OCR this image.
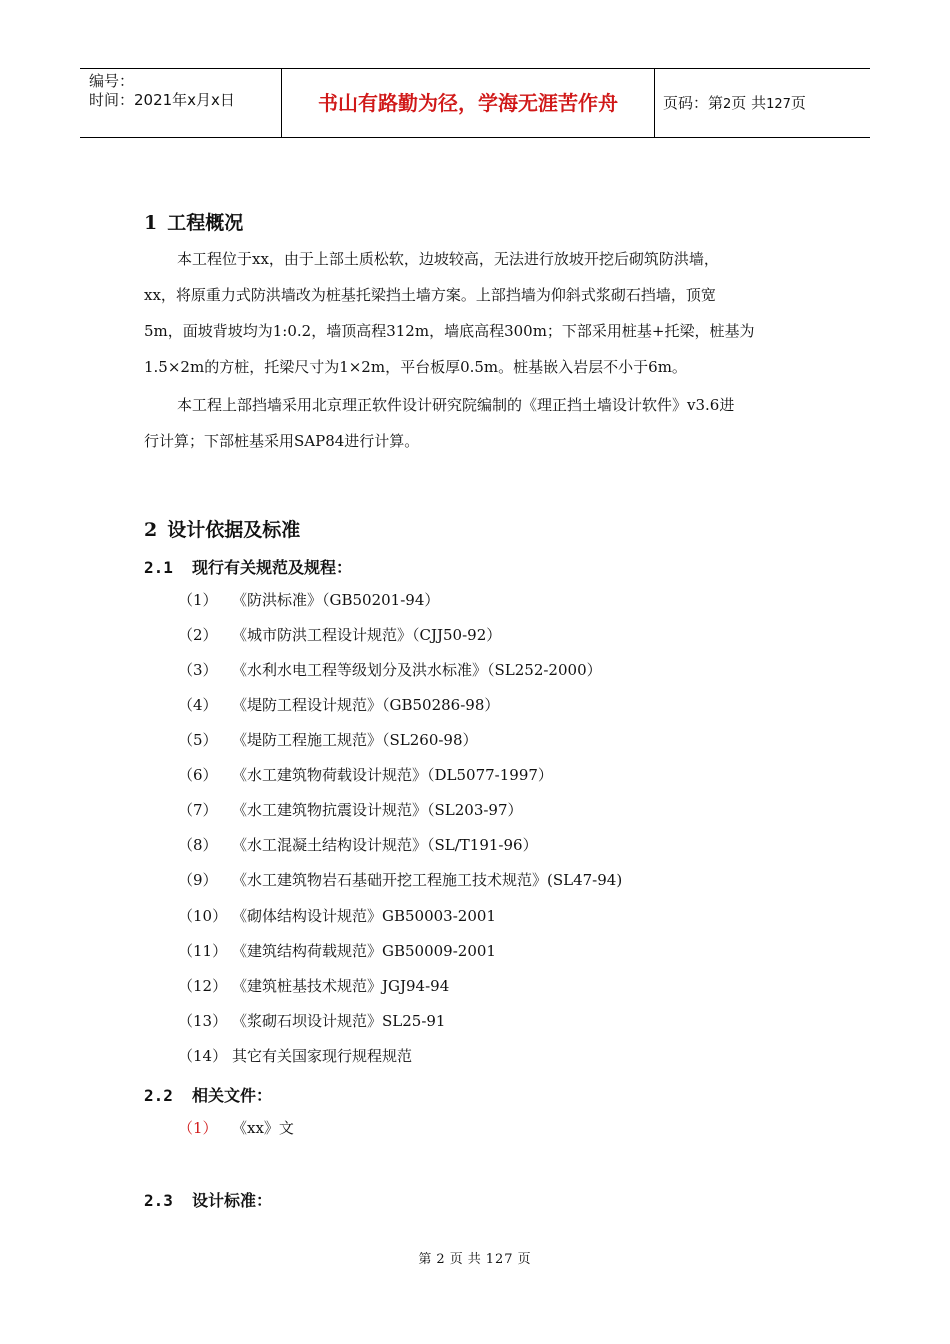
编号：
时间：2021年x月x日	书山有路勤为径，学海无涯苦作舟	页码：第2页 共127页
1 工程概况
本工程位于xx，由于上部土质松软，边坡较高，无法进行放坡开挖后砌筑防洪墙，
xx，将原重力式防洪墙改为桩基托梁挡土墙方案。上部挡墙为仰斜式浆砌石挡墙，顶宽
5m，面坡背坡均为1:0.2，墙顶高程312m，墙底高程300m；下部采用桩基+托梁，桩基为
1.5×2m的方桩，托梁尺寸为1×2m，平台板厚0.5m。桩基嵌入岩层不小于6m。
本工程上部挡墙采用北京理正软件设计研究院编制的《理正挡土墙设计软件》v3.6进
行计算；下部桩基采用SAP84进行计算。
2 设计依据及标准
2.1 现行有关规范及规程：
（1） 《防洪标准》（GB50201-94）
（2） 《城市防洪工程设计规范》（CJJ50-92）
（3） 《水利水电工程等级划分及洪水标准》（SL252-2000）
（4） 《堤防工程设计规范》（GB50286-98）
（5） 《堤防工程施工规范》（SL260-98）
（6） 《水工建筑物荷载设计规范》（DL5077-1997）
（7） 《水工建筑物抗震设计规范》（SL203-97）
（8） 《水工混凝土结构设计规范》（SL/T191-96）
（9） 《水工建筑物岩石基础开挖工程施工技术规范》(SL47-94)
（10） 《砌体结构设计规范》GB50003-2001
（11） 《建筑结构荷载规范》GB50009-2001
（12） 《建筑桩基技术规范》JGJ94-94
（13） 《浆砌石坝设计规范》SL25-91
（14） 其它有关国家现行规程规范
2.2 相关文件：
（1） 《xx》文
2.3 设计标准：
第 2 页 共 127 页
